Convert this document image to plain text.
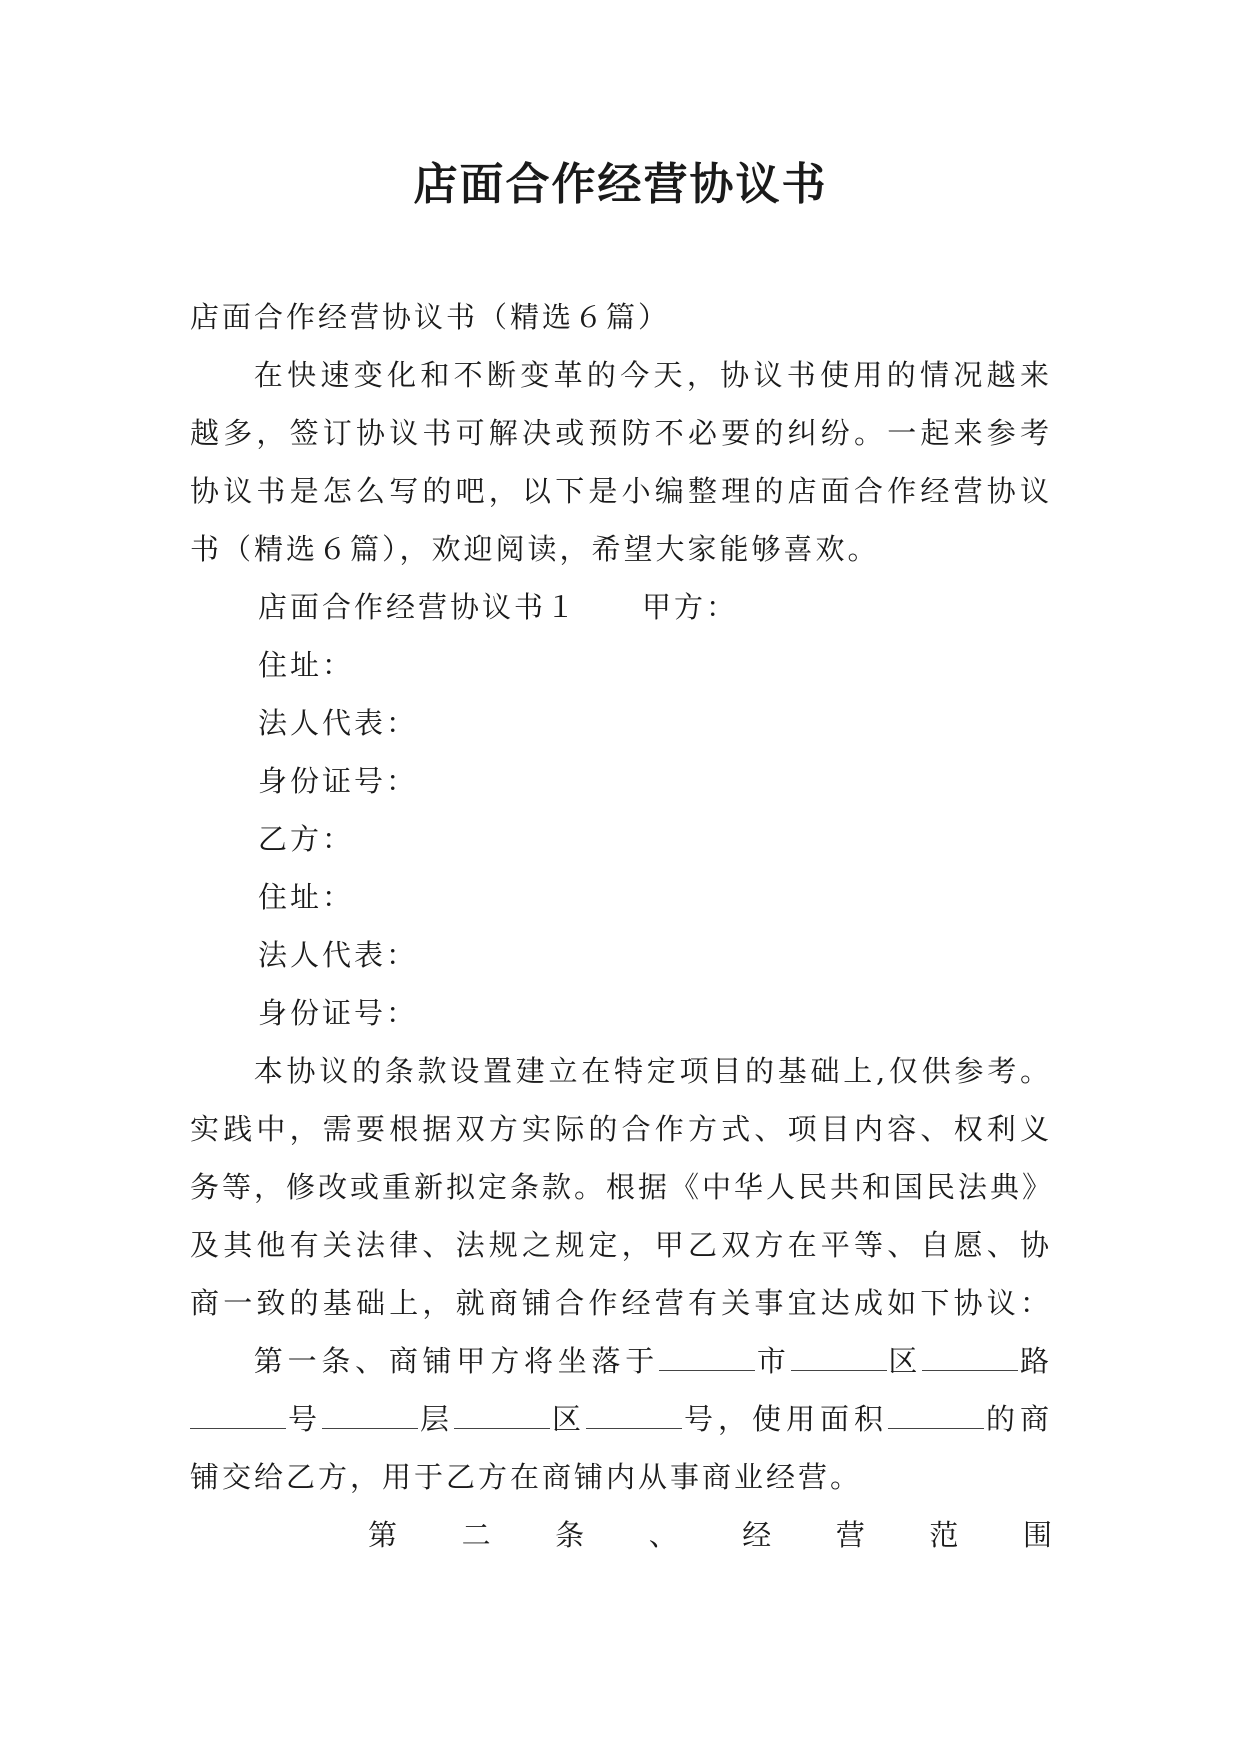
店面合作经营协议书

店面合作经营协议书（精选６篇）

在快速变化和不断变革的今天，协议书使用的情况越来

越多，签订协议书可解决或预防不必要的纠纷。一起来参考

协议书是怎么写的吧，以下是小编整理的店面合作经营协议

书（精选６篇），欢迎阅读，希望大家能够喜欢。

店面合作经营协议书１ 甲方：

住址：

法人代表：

身份证号：

乙方：

住址：

法人代表：

身份证号：

本协议的条款设置建立在特定项目的基础上,仅供参考。

实践中，需要根据双方实际的合作方式、项目内容、权利义

务等，修改或重新拟定条款。根据《中华人民共和国民法典》

及其他有关法律、法规之规定，甲乙双方在平等、自愿、协

商一致的基础上，就商铺合作经营有关事宜达成如下协议：

第一条、商铺甲方将坐落于	市	区	路

号	层	区	号，使用面积	的商

铺交给乙方，用于乙方在商铺内从事商业经营。

第 二 条 、 经 营 范 围
